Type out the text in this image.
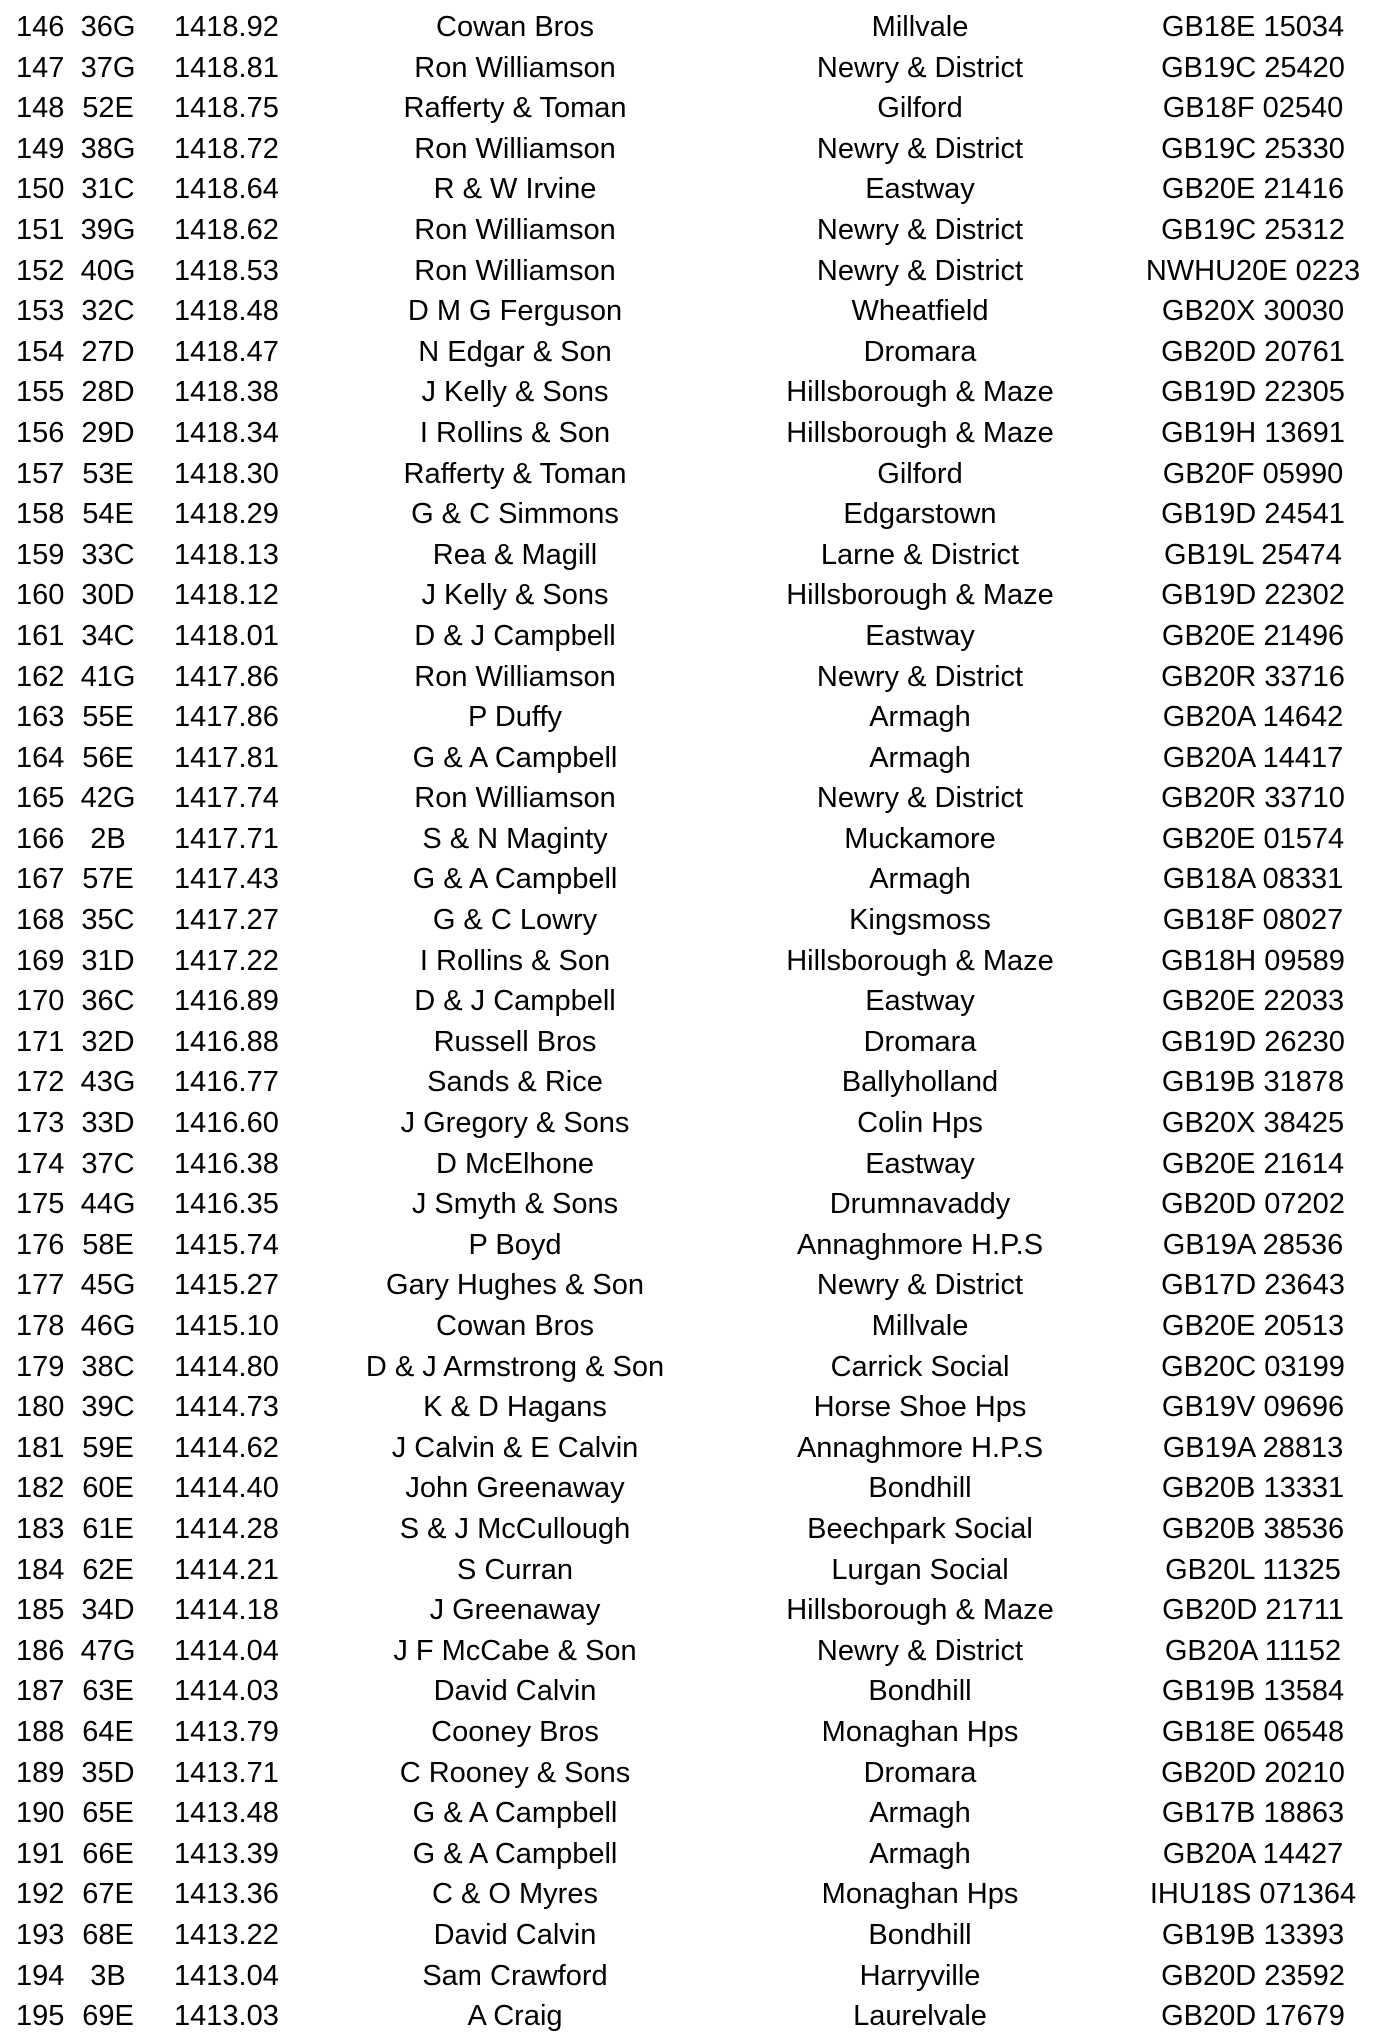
146 36G	1418.92	Cowan Bros	Millvale	GB18E 15034
147 37G	1418.81	Ron Williamson	Newry & District	GB19C 25420
148 52E	1418.75	Rafferty & Toman	Gilford	GB18F 02540
149 38G	1418.72	Ron Williamson	Newry & District	GB19C 25330
150 31C	1418.64	R & W Irvine	Eastway	GB20E 21416
151 39G	1418.62	Ron Williamson	Newry & District	GB19C 25312
152 40G	1418.53	Ron Williamson	Newry & District	NWHU20E 0223
153 32C	1418.48	D M G Ferguson	Wheatfield	GB20X 30030
154 27D	1418.47	N Edgar & Son	Dromara	GB20D 20761
155 28D	1418.38	J Kelly & Sons	Hillsborough & Maze	GB19D 22305
156 29D	1418.34	I Rollins & Son	Hillsborough & Maze	GB19H 13691
157 53E	1418.30	Rafferty & Toman	Gilford	GB20F 05990
158 54E	1418.29	G & C Simmons	Edgarstown	GB19D 24541
159 33C	1418.13	Rea & Magill	Larne & District	GB19L 25474
160 30D	1418.12	J Kelly & Sons	Hillsborough & Maze	GB19D 22302
161 34C	1418.01	D & J Campbell	Eastway	GB20E 21496
162 41G	1417.86	Ron Williamson	Newry & District	GB20R 33716
163 55E	1417.86	P Duffy	Armagh	GB20A 14642
164 56E	1417.81	G & A Campbell	Armagh	GB20A 14417
165 42G	1417.74	Ron Williamson	Newry & District	GB20R 33710
166 2B	1417.71	S & N Maginty	Muckamore	GB20E 01574
167 57E	1417.43	G & A Campbell	Armagh	GB18A 08331
168 35C	1417.27	G & C Lowry	Kingsmoss	GB18F 08027
169 31D	1417.22	I Rollins & Son	Hillsborough & Maze	GB18H 09589
170 36C	1416.89	D & J Campbell	Eastway	GB20E 22033
171 32D	1416.88	Russell Bros	Dromara	GB19D 26230
172 43G	1416.77	Sands & Rice	Ballyholland	GB19B 31878
173 33D	1416.60	J Gregory & Sons	Colin Hps	GB20X 38425
174 37C	1416.38	D McElhone	Eastway	GB20E 21614
175 44G	1416.35	J Smyth & Sons	Drumnavaddy	GB20D 07202
176 58E	1415.74	P Boyd	Annaghmore H.P.S	GB19A 28536
177 45G	1415.27	Gary Hughes & Son	Newry & District	GB17D 23643
178 46G	1415.10	Cowan Bros	Millvale	GB20E 20513
179 38C	1414.80	D & J Armstrong & Son	Carrick Social	GB20C 03199
180 39C	1414.73	K & D Hagans	Horse Shoe Hps	GB19V 09696
181 59E	1414.62	J Calvin & E Calvin	Annaghmore H.P.S	GB19A 28813
182 60E	1414.40	John Greenaway	Bondhill	GB20B 13331
183 61E	1414.28	S & J McCullough	Beechpark Social	GB20B 38536
184 62E	1414.21	S Curran	Lurgan Social	GB20L 11325
185 34D	1414.18	J Greenaway	Hillsborough & Maze	GB20D 21711
186 47G	1414.04	J F McCabe & Son	Newry & District	GB20A 11152
187 63E	1414.03	David Calvin	Bondhill	GB19B 13584
188 64E	1413.79	Cooney Bros	Monaghan Hps	GB18E 06548
189 35D	1413.71	C Rooney & Sons	Dromara	GB20D 20210
190 65E	1413.48	G & A Campbell	Armagh	GB17B 18863
191 66E	1413.39	G & A Campbell	Armagh	GB20A 14427
192 67E	1413.36	C & O Myres	Monaghan Hps	IHU18S 071364
193 68E	1413.22	David Calvin	Bondhill	GB19B 13393
194 3B	1413.04	Sam Crawford	Harryville	GB20D 23592
195 69E	1413.03	A Craig	Laurelvale	GB20D 17679
